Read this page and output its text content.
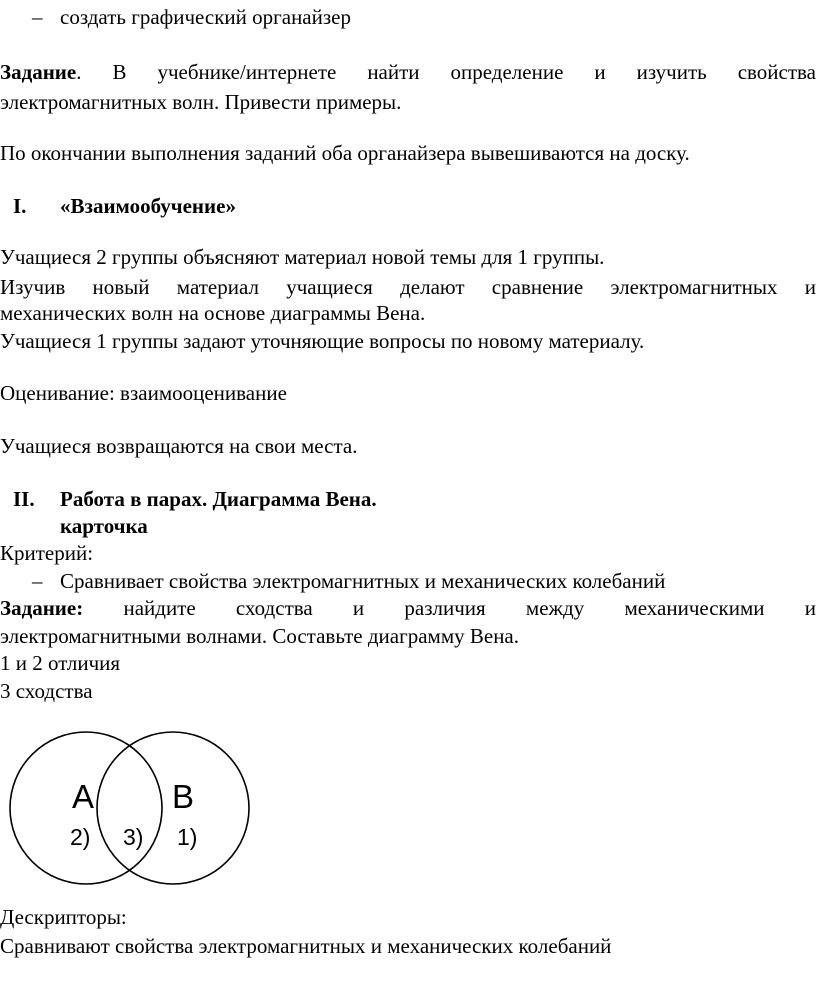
– создать графический органайзер
Задание. В учебнике/интернете найти определение и изучить свойства
электромагнитных волн. Привести примеры.
По окончании выполнения заданий оба органайзера вывешиваются на доску.
I. «Взаимообучение»
Учащиеся 2 группы объясняют материал новой темы для 1 группы.
Изучив новый материал учащиеся делают сравнение электромагнитных и
механических волн на основе диаграммы Вена.
Учащиеся 1 группы задают уточняющие вопросы по новому материалу.
Оценивание: взаимооценивание
Учащиеся возвращаются на свои места.
II. Работа в парах. Диаграмма Вена.
карточка
Критерий:
– Сравнивает свойства электромагнитных и механических колебаний
Задание: найдите сходства и различия между механическими и
электромагнитными волнами. Составьте диаграмму Вена.
1 и 2 отличия
3 сходства
А В
2) 3) 1)
Дескрипторы:
Сравнивают свойства электромагнитных и механических колебаний
